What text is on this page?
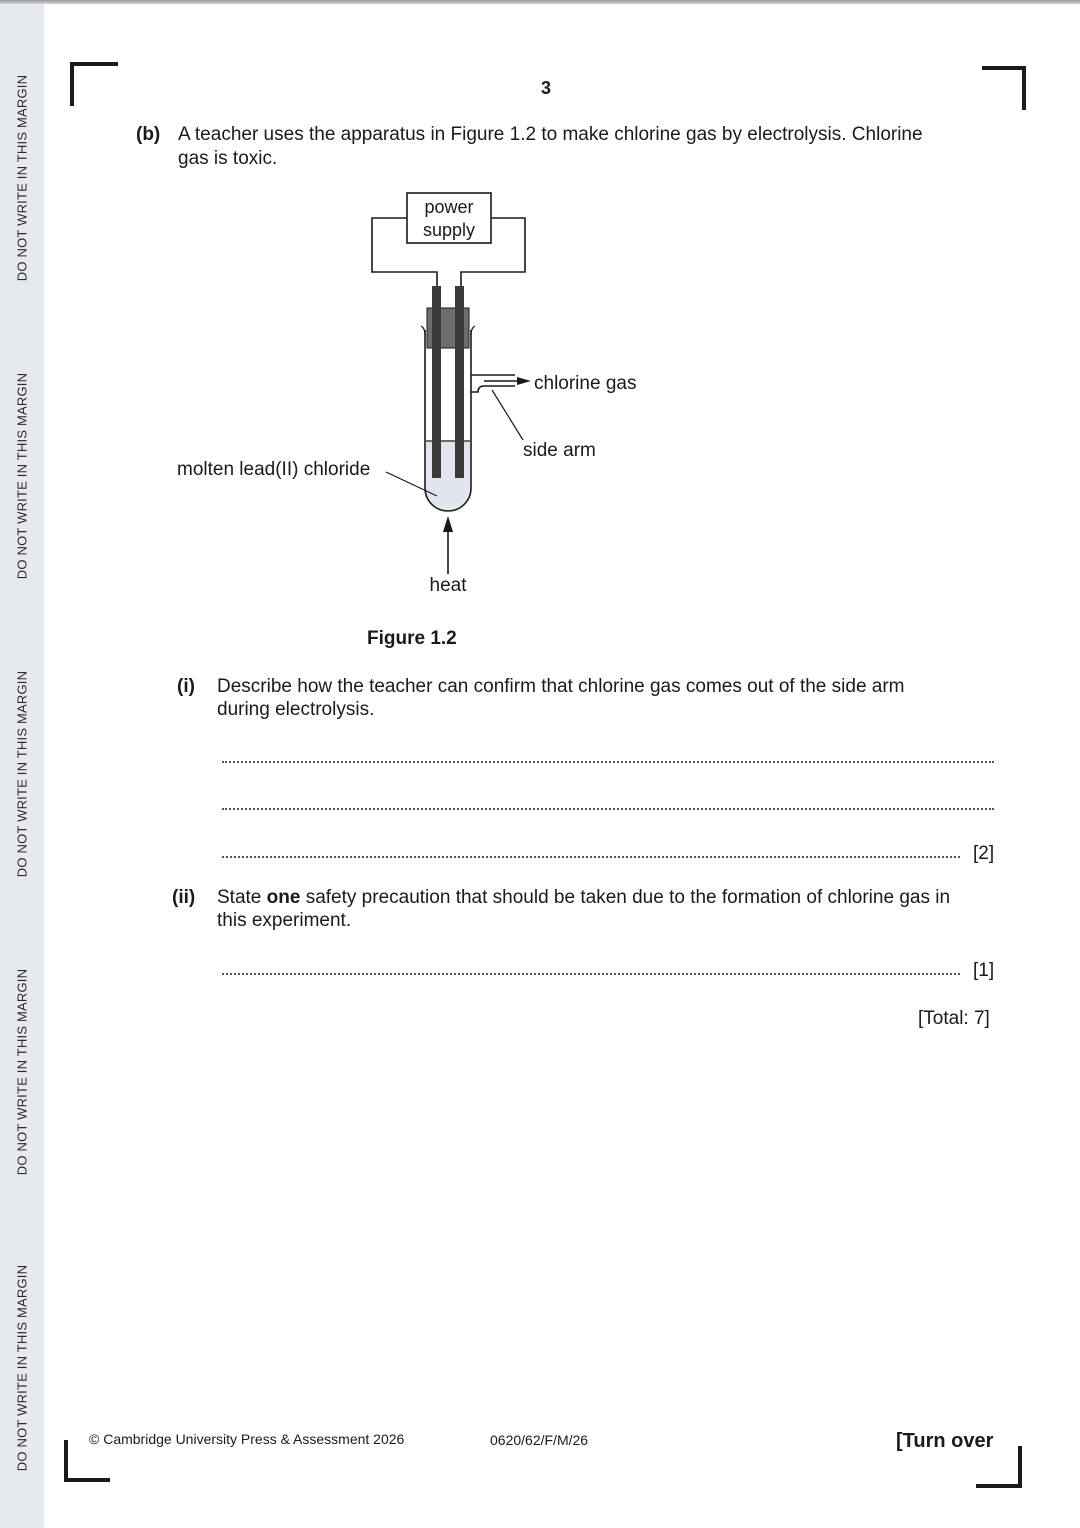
DO NOT WRITE IN THIS MARGIN
DO NOT WRITE IN THIS MARGIN
DO NOT WRITE IN THIS MARGIN
DO NOT WRITE IN THIS MARGIN
DO NOT WRITE IN THIS MARGIN
3
(b) A teacher uses the apparatus in Figure 1.2 to make chlorine gas by electrolysis. Chlorine
gas is toxic.
power
supply
chlorine gas
side arm
molten lead(II) chloride
heat
Figure 1.2
(i) Describe how the teacher can confirm that chlorine gas comes out of the side arm
during electrolysis.
[2]
(ii) State one safety precaution that should be taken due to the formation of chlorine gas in
this experiment.
[1]
[Total: 7]
© Cambridge University Press & Assessment 2026	0620/62/F/M/26	[Turn over
